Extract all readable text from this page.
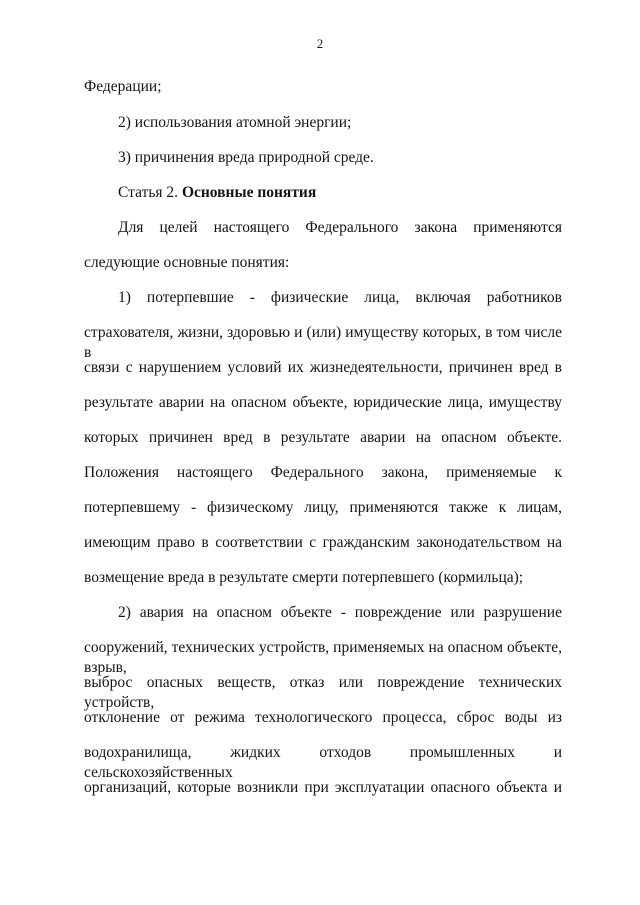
2
Федерации;
2) использования атомной энергии;
3) причинения вреда природной среде.
Статья 2. Основные понятия
Для целей настоящего Федерального закона применяются
следующие основные понятия:
1) потерпевшие - физические лица, включая работников
страхователя, жизни, здоровью и (или) имуществу которых, в том числе в
связи с нарушением условий их жизнедеятельности, причинен вред в
результате аварии на опасном объекте, юридические лица, имуществу
которых причинен вред в результате аварии на опасном объекте.
Положения настоящего Федерального закона, применяемые к
потерпевшему - физическому лицу, применяются также к лицам,
имеющим право в соответствии с гражданским законодательством на
возмещение вреда в результате смерти потерпевшего (кормильца);
2) авария на опасном объекте - повреждение или разрушение
сооружений, технических устройств, применяемых на опасном объекте, взрыв,
выброс опасных веществ, отказ или повреждение технических устройств,
отклонение от режима технологического процесса, сброс воды из
водохранилища, жидких отходов промышленных и сельскохозяйственных
организаций, которые возникли при эксплуатации опасного объекта и
